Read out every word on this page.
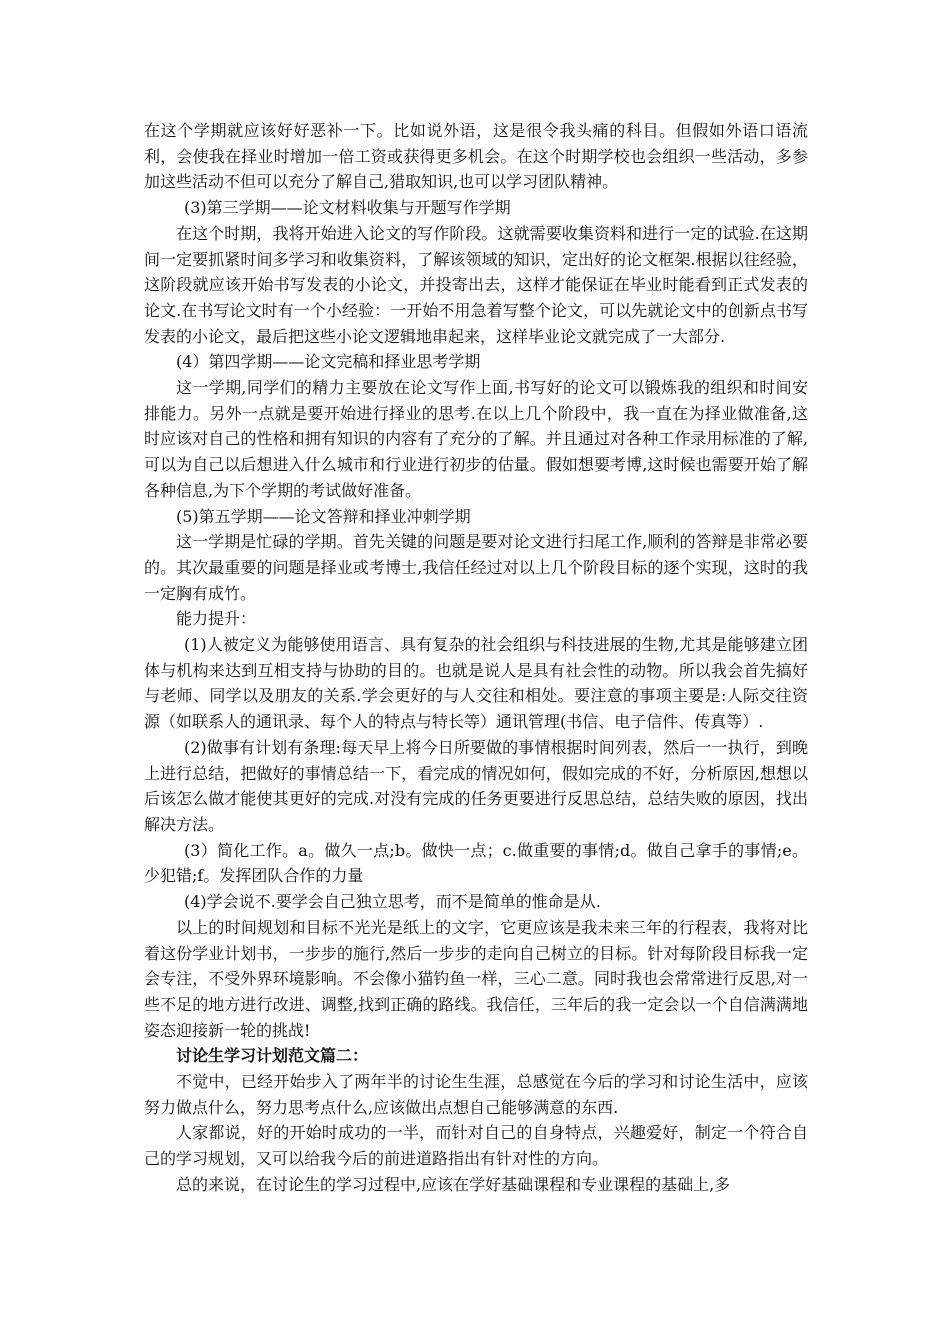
在这个学期就应该好好恶补一下。比如说外语，这是很令我头痛的科目。但假如外语口语流利，会使我在择业时增加一倍工资或获得更多机会。在这个时期学校也会组织一些活动，多参加这些活动不但可以充分了解自己,猎取知识,也可以学习团队精神。

(3)第三学期——论文材料收集与开题写作学期

在这个时期，我将开始进入论文的写作阶段。这就需要收集资料和进行一定的试验.在这期间一定要抓紧时间多学习和收集资料，了解该领域的知识，定出好的论文框架.根据以往经验，这阶段就应该开始书写发表的小论文，并投寄出去，这样才能保证在毕业时能看到正式发表的论文.在书写论文时有一个小经验：一开始不用急着写整个论文，可以先就论文中的创新点书写发表的小论文，最后把这些小论文逻辑地串起来，这样毕业论文就完成了一大部分.

(4）第四学期——论文完稿和择业思考学期

这一学期,同学们的精力主要放在论文写作上面,书写好的论文可以锻炼我的组织和时间安排能力。另外一点就是要开始进行择业的思考.在以上几个阶段中，我一直在为择业做准备,这时应该对自己的性格和拥有知识的内容有了充分的了解。并且通过对各种工作录用标准的了解,可以为自己以后想进入什么城市和行业进行初步的估量。假如想要考博,这时候也需要开始了解各种信息,为下个学期的考试做好准备。

(5)第五学期——论文答辩和择业冲刺学期

这一学期是忙碌的学期。首先关键的问题是要对论文进行扫尾工作,顺利的答辩是非常必要的。其次最重要的问题是择业或考博士,我信任经过对以上几个阶段目标的逐个实现，这时的我一定胸有成竹。

能力提升：

(1)人被定义为能够使用语言、具有复杂的社会组织与科技进展的生物,尤其是能够建立团体与机构来达到互相支持与协助的目的。也就是说人是具有社会性的动物。所以我会首先搞好与老师、同学以及朋友的关系.学会更好的与人交往和相处。要注意的事项主要是:人际交往资源（如联系人的通讯录、每个人的特点与特长等）通讯管理(书信、电子信件、传真等）.

(2)做事有计划有条理:每天早上将今日所要做的事情根据时间列表，然后一一执行，到晚上进行总结，把做好的事情总结一下，看完成的情况如何，假如完成的不好，分析原因,想想以后该怎么做才能使其更好的完成.对没有完成的任务更要进行反思总结，总结失败的原因，找出解决方法。

(3）简化工作。a。做久一点;b。做快一点；c.做重要的事情;d。做自己拿手的事情;e。少犯错;f。发挥团队合作的力量

(4)学会说不.要学会自己独立思考，而不是简单的惟命是从.

以上的时间规划和目标不光光是纸上的文字，它更应该是我未来三年的行程表，我将对比着这份学业计划书，一步步的施行,然后一步步的走向自己树立的目标。针对每阶段目标我一定会专注，不受外界环境影响。不会像小猫钓鱼一样，三心二意。同时我也会常常进行反思,对一些不足的地方进行改进、调整,找到正确的路线。我信任，三年后的我一定会以一个自信满满地姿态迎接新一轮的挑战!

讨论生学习计划范文篇二：

不觉中，已经开始步入了两年半的讨论生生涯，总感觉在今后的学习和讨论生活中，应该努力做点什么，努力思考点什么,应该做出点想自己能够满意的东西.

人家都说，好的开始时成功的一半，而针对自己的自身特点，兴趣爱好，制定一个符合自己的学习规划，又可以给我今后的前进道路指出有针对性的方向。

总的来说，在讨论生的学习过程中,应该在学好基础课程和专业课程的基础上,多
